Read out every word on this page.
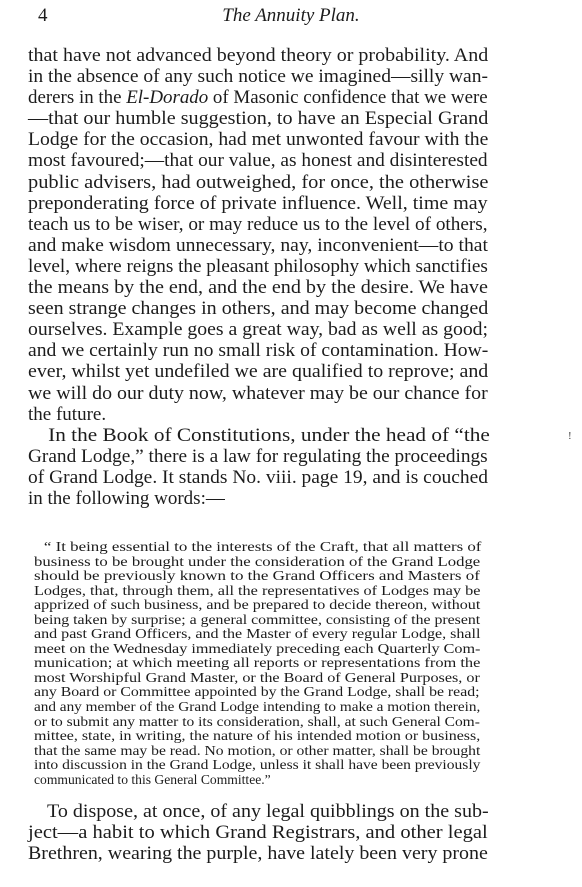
4	The Annuity Plan.
that have not advanced beyond theory or probability. And
in the absence of any such notice we imagined—silly wan-
derers in the El-Dorado of Masonic confidence that we were
—that our humble suggestion, to have an Especial Grand
Lodge for the occasion, had met unwonted favour with the
most favoured;—that our value, as honest and disinterested
public advisers, had outweighed, for once, the otherwise
preponderating force of private influence. Well, time may
teach us to be wiser, or may reduce us to the level of others,
and make wisdom unnecessary, nay, inconvenient—to that
level, where reigns the pleasant philosophy which sanctifies
the means by the end, and the end by the desire. We have
seen strange changes in others, and may become changed
ourselves. Example goes a great way, bad as well as good;
and we certainly run no small risk of contamination. How-
ever, whilst yet undefiled we are qualified to reprove; and
we will do our duty now, whatever may be our chance for
the future.
In the Book of Constitutions, under the head of “the
Grand Lodge,” there is a law for regulating the proceedings
of Grand Lodge. It stands No. viii. page 19, and is couched
in the following words:—
“ It being essential to the interests of the Craft, that all matters of
business to be brought under the consideration of the Grand Lodge
should be previously known to the Grand Officers and Masters of
Lodges, that, through them, all the representatives of Lodges may be
apprized of such business, and be prepared to decide thereon, without
being taken by surprise; a general committee, consisting of the present
and past Grand Officers, and the Master of every regular Lodge, shall
meet on the Wednesday immediately preceding each Quarterly Com-
munication; at which meeting all reports or representations from the
most Worshipful Grand Master, or the Board of General Purposes, or
any Board or Committee appointed by the Grand Lodge, shall be read;
and any member of the Grand Lodge intending to make a motion therein,
or to submit any matter to its consideration, shall, at such General Com-
mittee, state, in writing, the nature of his intended motion or business,
that the same may be read. No motion, or other matter, shall be brought
into discussion in the Grand Lodge, unless it shall have been previously
communicated to this General Committee.”
To dispose, at once, of any legal quibblings on the sub-
ject—a habit to which Grand Registrars, and other legal
Brethren, wearing the purple, have lately been very prone
!
